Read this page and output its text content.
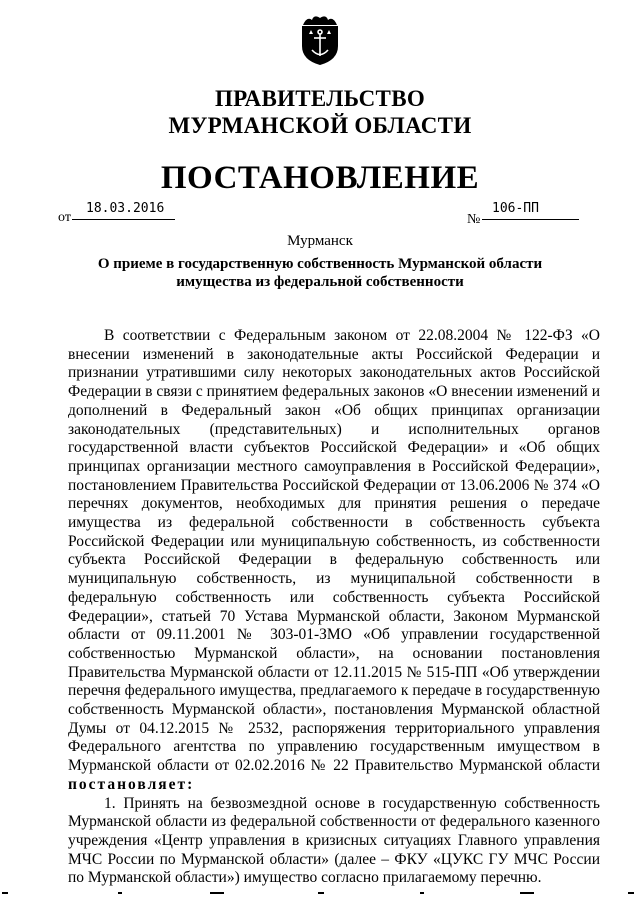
ПРАВИТЕЛЬСТВО
МУРМАНСКОЙ ОБЛАСТИ
ПОСТАНОВЛЕНИЕ
от
18.03.2016
№
106-ПП
Мурманск
О приеме в государственную собственность Мурманской области
имущества из федеральной собственности

В соответствии с Федеральным законом от 22.08.2004 № 122-ФЗ «О внесении изменений в законодательные акты Российской Федерации и признании утратившими силу некоторых законодательных актов Российской Федерации в связи с принятием федеральных законов «О внесении изменений и дополнений в Федеральный закон «Об общих принципах организации законодательных (представительных) и исполнительных органов государственной власти субъектов Российской Федерации» и «Об общих принципах организации местного самоуправления в Российской Федерации», постановлением Правительства Российской Федерации от 13.06.2006 № 374 «О перечнях документов, необходимых для принятия решения о передаче имущества из федеральной собственности в собственность субъекта Российской Федерации или муниципальную собственность, из собственности субъекта Российской Федерации в федеральную собственность или муниципальную собственность, из муниципальной собственности в федеральную собственность или собственность субъекта Российской Федерации», статьей 70 Устава Мурманской области, Законом Мурманской области от 09.11.2001 № 303-01-ЗМО «Об управлении государственной собственностью Мурманской области», на основании постановления Правительства Мурманской области от 12.11.2015 № 515-ПП «Об утверждении перечня федерального имущества, предлагаемого к передаче в государственную собственность Мурманской области», постановления Мурманской областной Думы от 04.12.2015 № 2532, распоряжения территориального управления Федерального агентства по управлению государственным имуществом в Мурманской области от 02.02.2016 № 22 Правительство Мурманской области постановляет:

1. Принять на безвозмездной основе в государственную собственность Мурманской области из федеральной собственности от федерального казенного учреждения «Центр управления в кризисных ситуациях Главного управления МЧС России по Мурманской области» (далее – ФКУ «ЦУКС ГУ МЧС России по Мурманской области») имущество согласно прилагаемому перечню.
